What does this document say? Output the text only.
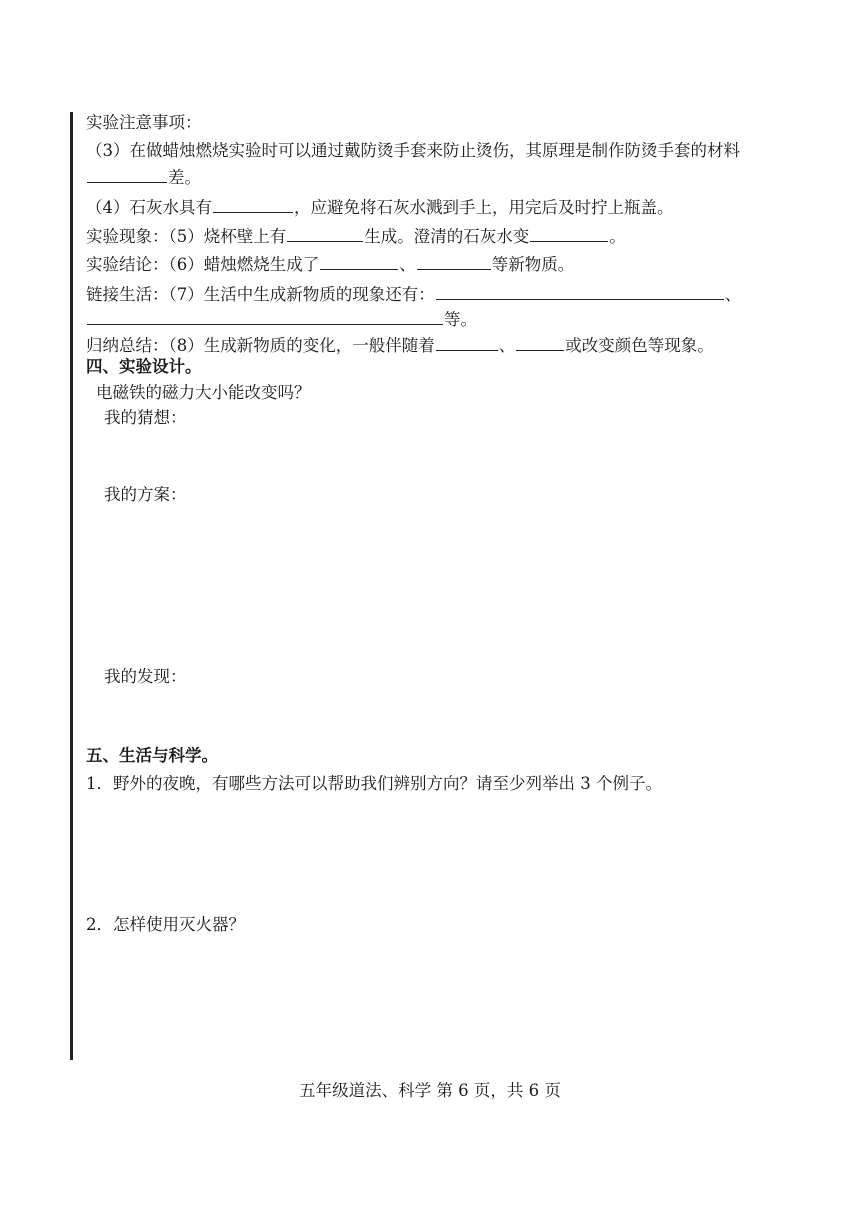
实验注意事项：
（3）在做蜡烛燃烧实验时可以通过戴防烫手套来防止烫伤，其原理是制作防烫手套的材料
差。
（4）石灰水具有	，应避免将石灰水溅到手上，用完后及时拧上瓶盖。
实验现象：（5）烧杯壁上有	生成。澄清的石灰水变	。
实验结论：（6）蜡烛燃烧生成了	、	等新物质。
链接生活：（7）生活中生成新物质的现象还有：	、
等。
归纳总结：（8）生成新物质的变化，一般伴随着	、	或改变颜色等现象。
四、实验设计。
电磁铁的磁力大小能改变吗？
我的猜想：
我的方案：
我的发现：
五、生活与科学。
1．野外的夜晚，有哪些方法可以帮助我们辨别方向？请至少列举出 3 个例子。
2．怎样使用灭火器？
五年级道法、科学 第 6 页，共 6 页
